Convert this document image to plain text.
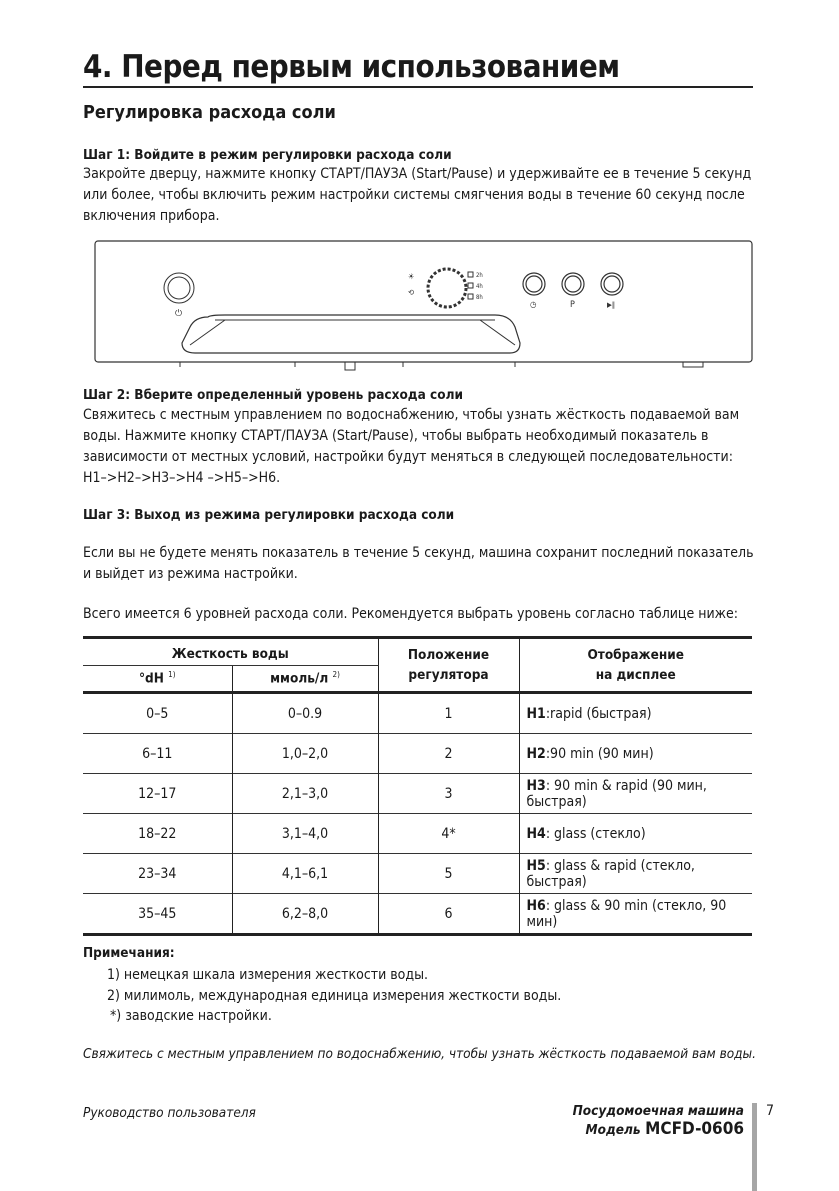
4. Перед первым использованием
Регулировка расхода соли
Шаг 1: Войдите в режим регулировки расхода соли
Закройте дверцу, нажмите кнопку СТАРТ/ПАУЗА (Start/Pause) и удерживайте ее в течение 5 секунд или более, чтобы включить режим настройки системы смягчения воды в течение 60 секунд после включения прибора.
⏻
☀
⟲
2h
4h
8h
◷	P	▶‖
Шаг 2: Вберите определенный уровень расхода соли
Свяжитесь с местным управлением по водоснабжению, чтобы узнать жёсткость подаваемой вам воды. Нажмите кнопку СТАРТ/ПАУЗА (Start/Pause), чтобы выбрать необходимый показатель в зависимости от местных условий, настройки будут меняться в следующей последовательности: H1–>H2–>H3–>H4 –>H5–>H6.
Шаг 3: Выход из режима регулировки расхода соли
Если вы не будете менять показатель в течение 5 секунд, машина сохранит последний показатель и выйдет из режима настройки.
Всего имеется 6 уровней расхода соли. Рекомендуется выбрать уровень согласно таблице ниже:
Жесткость воды		Положение регулятора	Отображение на дисплее
°dH $^{1)}$	ммоль/л $^{2)}$
0–5	0–0.9	1	H1:rapid (быстрая)
6–11	1,0–2,0	2	H2:90 min (90 мин)
12–17	2,1–3,0	3	H3: 90 min & rapid (90 мин, быстрая)
18–22	3,1–4,0	4*	H4: glass (стекло)
23–34	4,1–6,1	5	H5: glass & rapid (стекло, быстрая)
35–45	6,2–8,0	6	H6: glass & 90 min (стекло, 90 мин)
Примечания:
1) немецкая шкала измерения жесткости воды.
2) милимоль, международная единица измерения жесткости воды.
*) заводские настройки.
Свяжитесь с местным управлением по водоснабжению, чтобы узнать жёсткость подаваемой вам воды.
Руководство пользователя	Посудомоечная машина
Модель MCFD-0606
7
